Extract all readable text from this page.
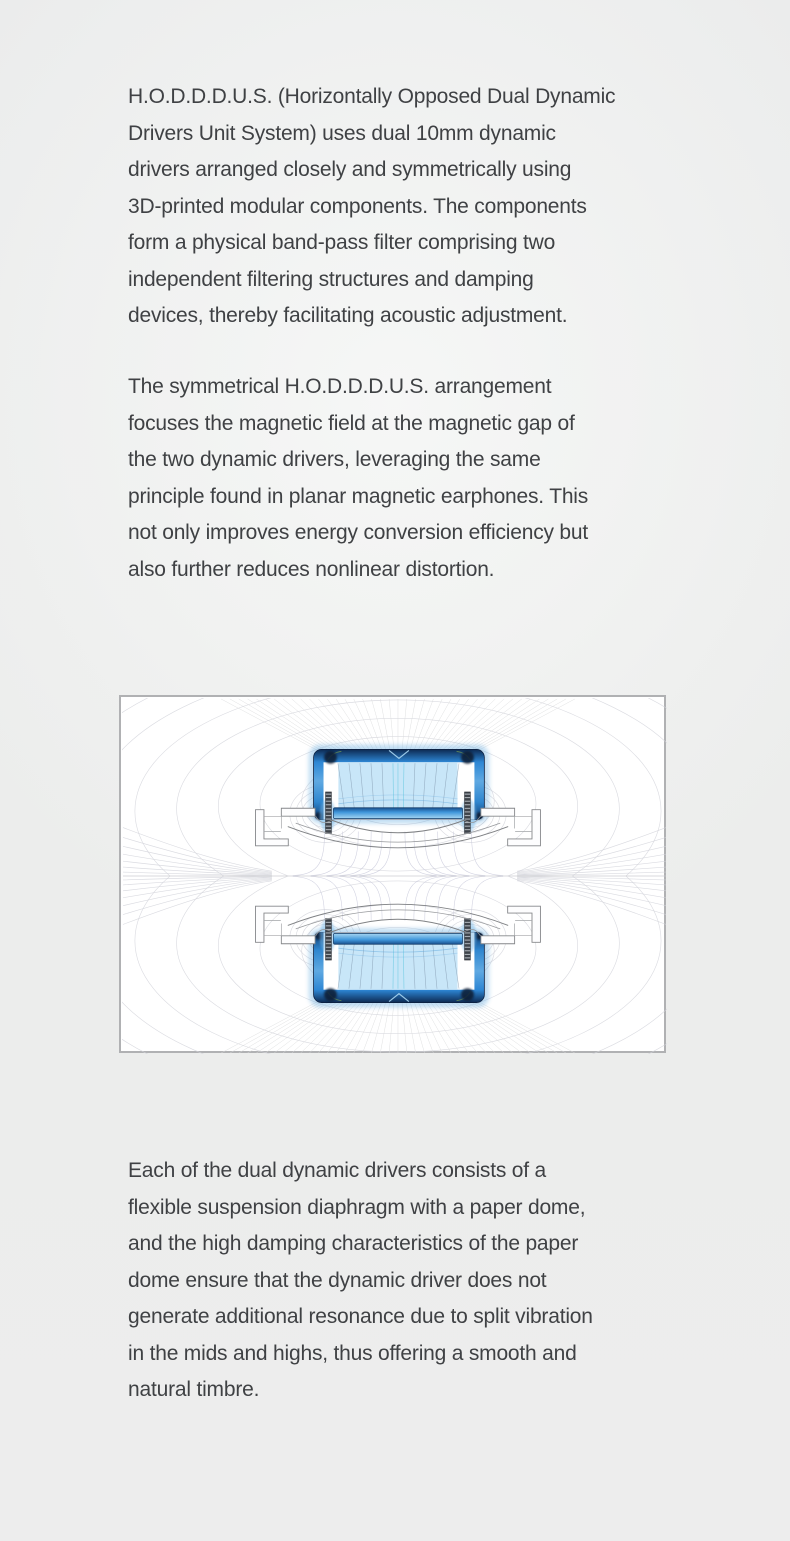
H.O.D.D.D.U.S. (Horizontally Opposed Dual Dynamic
Drivers Unit System) uses dual 10mm dynamic
drivers arranged closely and symmetrically using
3D-printed modular components. The components
form a physical band-pass filter comprising two
independent filtering structures and damping
devices, thereby facilitating acoustic adjustment.
The symmetrical H.O.D.D.D.U.S. arrangement
focuses the magnetic field at the magnetic gap of
the two dynamic drivers, leveraging the same
principle found in planar magnetic earphones. This
not only improves energy conversion efficiency but
also further reduces nonlinear distortion.
Each of the dual dynamic drivers consists of a
flexible suspension diaphragm with a paper dome,
and the high damping characteristics of the paper
dome ensure that the dynamic driver does not
generate additional resonance due to split vibration
in the mids and highs, thus offering a smooth and
natural timbre.
